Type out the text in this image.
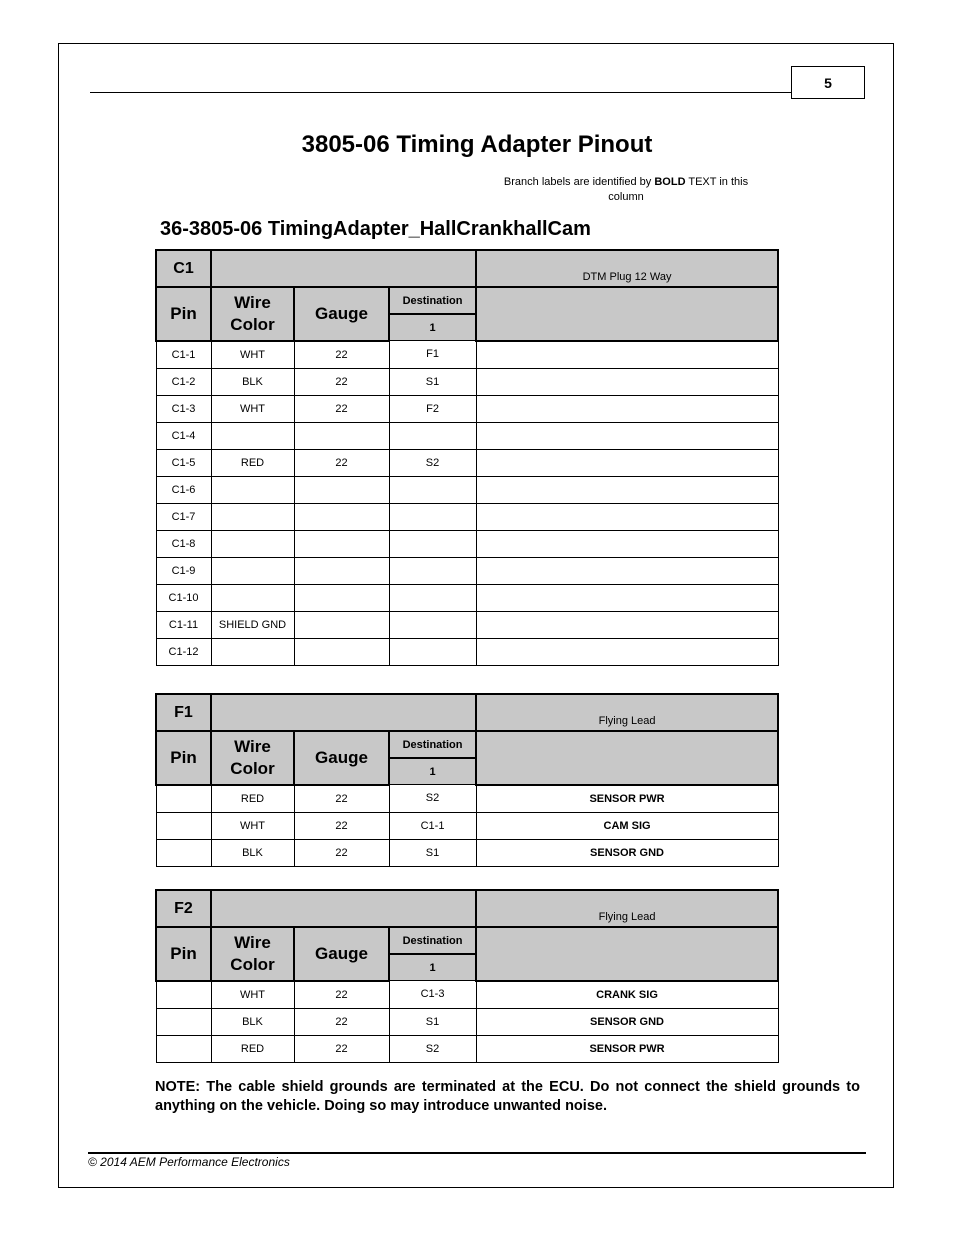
5
3805-06 Timing Adapter Pinout
Branch labels are identified by BOLD TEXT in this column
36-3805-06 TimingAdapter_HallCrankhallCam
C1				DTM Plug 12 Way
Pin	Wire Color	Gauge	Destination	
			1	
C1-1	WHT	22	F1	
C1-2	BLK	22	S1	
C1-3	WHT	22	F2	
C1-4				
C1-5	RED	22	S2	
C1-6				
C1-7				
C1-8				
C1-9				
C1-10				
C1-11	SHIELD GND			
C1-12				
F1				Flying Lead
Pin	Wire Color	Gauge	Destination	
			1	
	RED	22	S2	SENSOR PWR
	WHT	22	C1-1	CAM SIG
	BLK	22	S1	SENSOR GND
F2				Flying Lead
Pin	Wire Color	Gauge	Destination	
			1	
	WHT	22	C1-3	CRANK SIG
	BLK	22	S1	SENSOR GND
	RED	22	S2	SENSOR PWR
NOTE: The cable shield grounds are terminated at the ECU. Do not connect the shield grounds to anything on the vehicle. Doing so may introduce unwanted noise.
© 2014 AEM Performance Electronics
